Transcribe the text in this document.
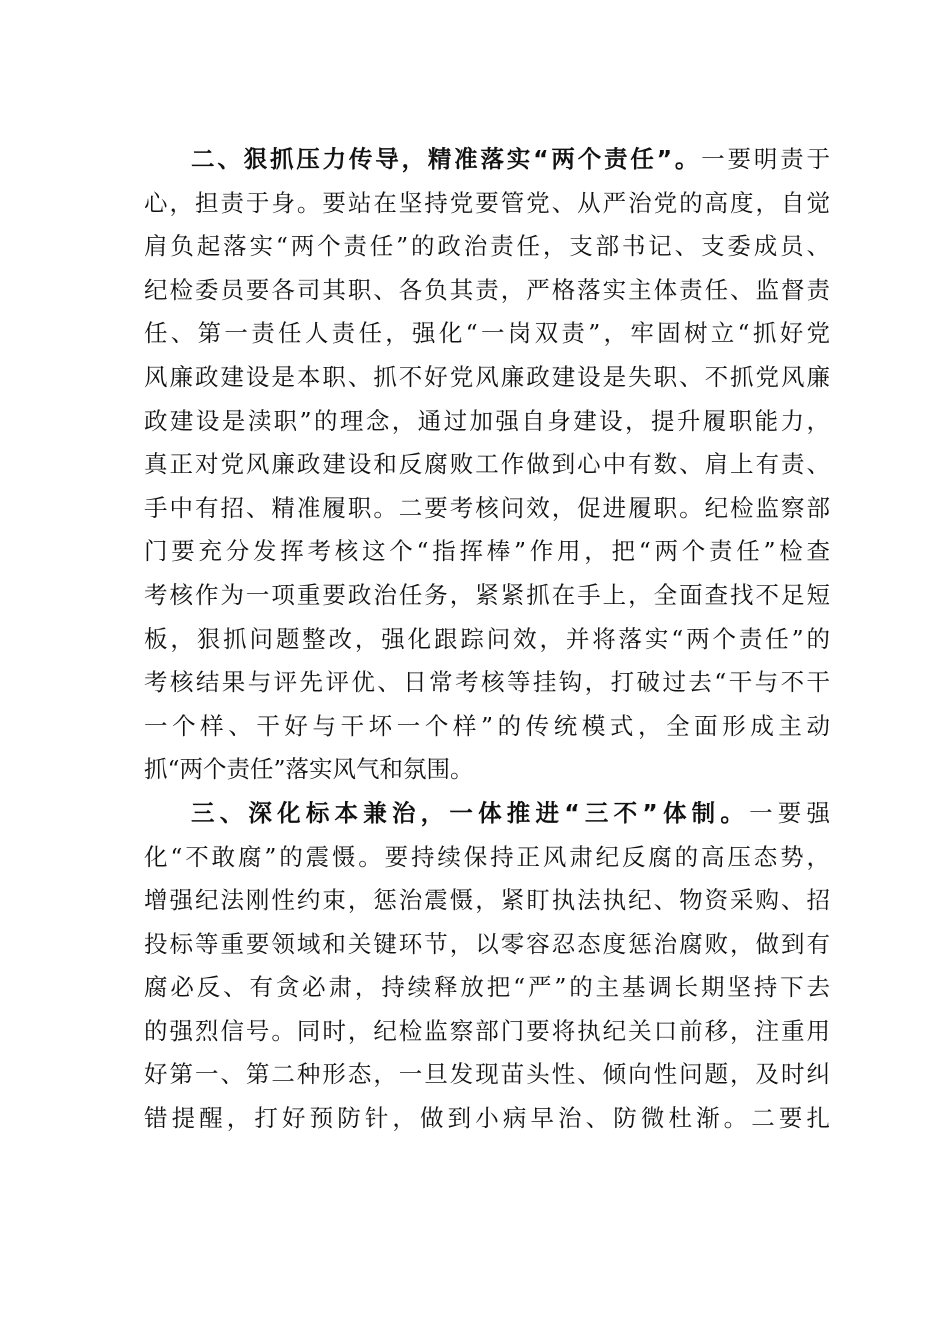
二、狠抓压力传导，精准落实“两个责任”。一要明责于
心，担责于身。要站在坚持党要管党、从严治党的高度，自觉
肩负起落实“两个责任”的政治责任，支部书记、支委成员、
纪检委员要各司其职、各负其责，严格落实主体责任、监督责
任、第一责任人责任，强化“一岗双责”，牢固树立“抓好党
风廉政建设是本职、抓不好党风廉政建设是失职、不抓党风廉
政建设是渎职”的理念，通过加强自身建设，提升履职能力，
真正对党风廉政建设和反腐败工作做到心中有数、肩上有责、
手中有招、精准履职。二要考核问效，促进履职。纪检监察部
门要充分发挥考核这个“指挥棒”作用，把“两个责任”检查
考核作为一项重要政治任务，紧紧抓在手上，全面查找不足短
板，狠抓问题整改，强化跟踪问效，并将落实“两个责任”的
考核结果与评先评优、日常考核等挂钩，打破过去“干与不干
一个样、干好与干坏一个样”的传统模式，全面形成主动
抓“两个责任”落实风气和氛围。
三、深化标本兼治，一体推进“三不”体制。一要强
化“不敢腐”的震慑。要持续保持正风肃纪反腐的高压态势，
增强纪法刚性约束，惩治震慑，紧盯执法执纪、物资采购、招
投标等重要领域和关键环节，以零容忍态度惩治腐败，做到有
腐必反、有贪必肃，持续释放把“严”的主基调长期坚持下去
的强烈信号。同时，纪检监察部门要将执纪关口前移，注重用
好第一、第二种形态，一旦发现苗头性、倾向性问题，及时纠
错提醒，打好预防针，做到小病早治、防微杜渐。二要扎
